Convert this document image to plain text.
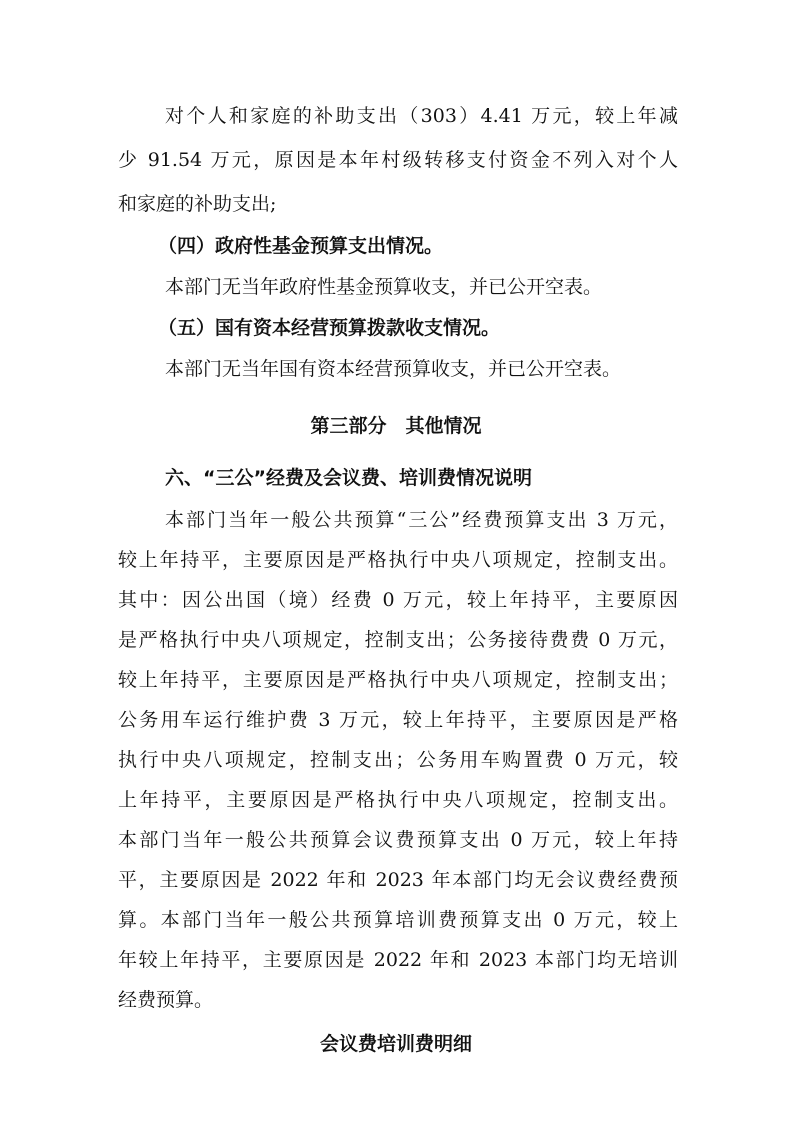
对个人和家庭的补助支出（303）4.41 万元，较上年减
少 91.54 万元，原因是本年村级转移支付资金不列入对个人
和家庭的补助支出;
（四）政府性基金预算支出情况。
本部门无当年政府性基金预算收支，并已公开空表。
（五）国有资本经营预算拨款收支情况。
本部门无当年国有资本经营预算收支，并已公开空表。
第三部分　其他情况
六、“三公”经费及会议费、培训费情况说明
本部门当年一般公共预算“三公”经费预算支出 3 万元，
较上年持平，主要原因是严格执行中央八项规定，控制支出。
其中：因公出国（境）经费 0 万元，较上年持平，主要原因
是严格执行中央八项规定，控制支出；公务接待费费 0 万元，
较上年持平，主要原因是严格执行中央八项规定，控制支出；
公务用车运行维护费 3 万元，较上年持平，主要原因是严格
执行中央八项规定，控制支出；公务用车购置费 0 万元，较
上年持平，主要原因是严格执行中央八项规定，控制支出。
本部门当年一般公共预算会议费预算支出 0 万元，较上年持
平，主要原因是 2022 年和 2023 年本部门均无会议费经费预
算。本部门当年一般公共预算培训费预算支出 0 万元，较上
年较上年持平，主要原因是 2022 年和 2023 本部门均无培训
经费预算。
会议费培训费明细
